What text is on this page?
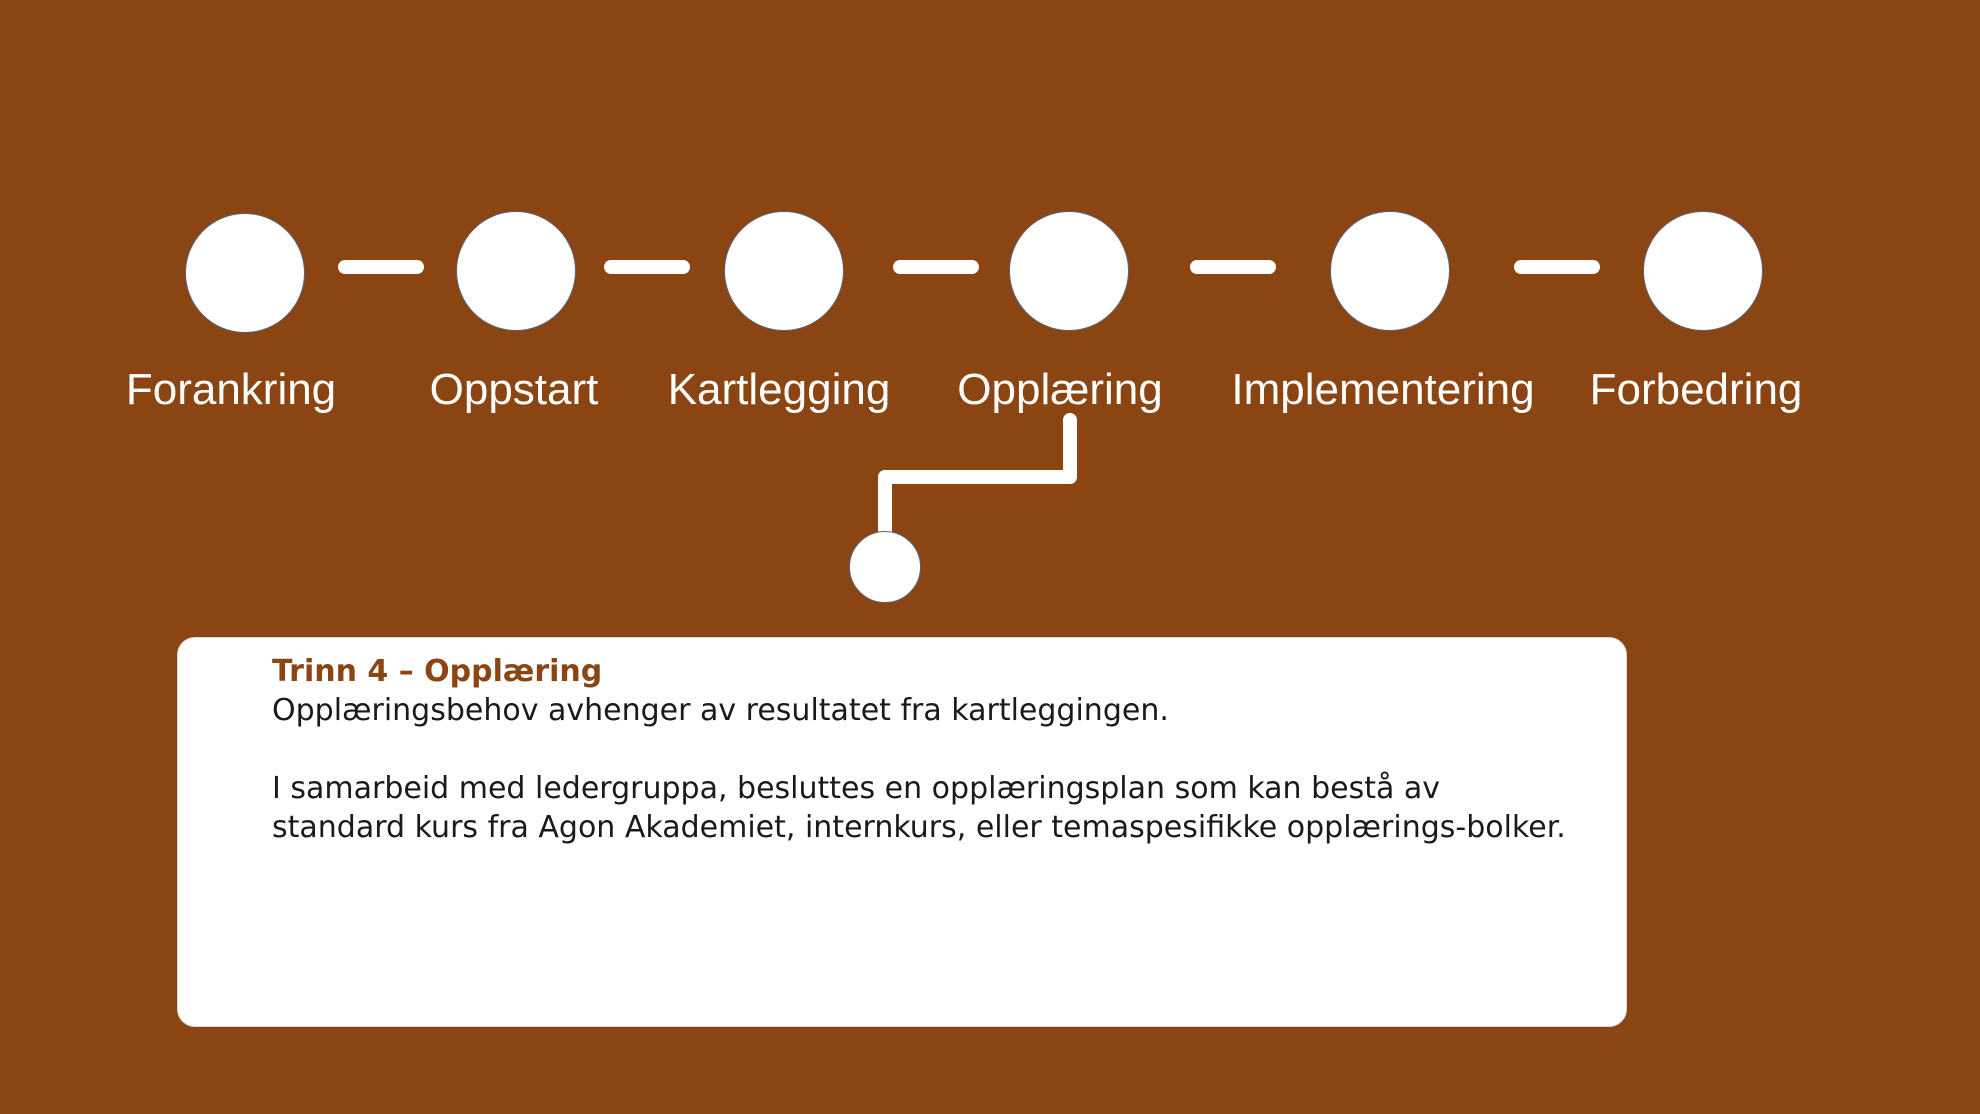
Forankring	Oppstart	Kartlegging	Opplæring	Implementering	Forbedring
Trinn 4 – Opplæring

Opplæringsbehov avhenger av resultatet fra kartleggingen.

I samarbeid med ledergruppa, besluttes en opplæringsplan som kan bestå av standard kurs fra Agon Akademiet, internkurs, eller temaspesifikke opplærings-bolker.
